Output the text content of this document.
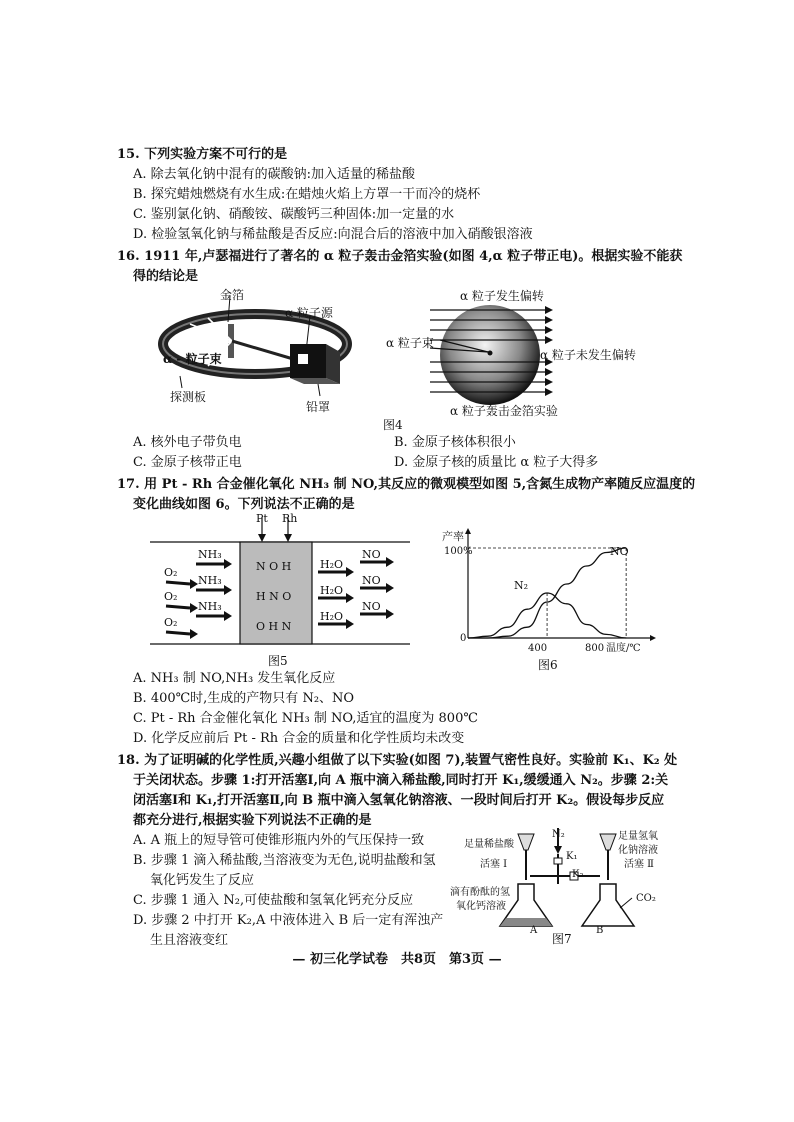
15. 下列实验方案不可行的是
A. 除去氧化钠中混有的碳酸钠:加入适量的稀盐酸
B. 探究蜡烛燃烧有水生成:在蜡烛火焰上方罩一干而冷的烧杯
C. 鉴别氯化钠、硝酸铵、碳酸钙三种固体:加一定量的水
D. 检验氢氧化钠与稀盐酸是否反应:向混合后的溶液中加入硝酸银溶液
16. 1911 年,卢瑟福进行了著名的 α 粒子轰击金箔实验(如图 4,α 粒子带正电)。根据实验不能获
得的结论是
金箔
α 粒子源
α - 粒子束
探测板
铅罩
α 粒子发生偏转
α 粒子束
α 粒子未发生偏转
α 粒子轰击金箔实验
图4
A. 核外电子带负电	B. 金原子核体积很小
C. 金原子核带正电	D. 金原子核的质量比 α 粒子大得多
17. 用 Pt - Rh 合金催化氧化 NH₃ 制 NO,其反应的微观模型如图 5,含氮生成物产率随反应温度的
变化曲线如图 6。下列说法不正确的是
Pt Rh
O₂
O₂
O₂
NH₃
NH₃
NH₃
N O H
H N O
O H N
H₂O
H₂O
H₂O
NO
NO
NO
图5
产率
100%
0
400	800 温度/℃
N₂
NO
图6
A. NH₃ 制 NO,NH₃ 发生氧化反应
B. 400℃时,生成的产物只有 N₂、NO
C. Pt - Rh 合金催化氧化 NH₃ 制 NO,适宜的温度为 800℃
D. 化学反应前后 Pt - Rh 合金的质量和化学性质均未改变
18. 为了证明碱的化学性质,兴趣小组做了以下实验(如图 7),装置气密性良好。实验前 K₁、K₂ 处
于关闭状态。步骤 1:打开活塞Ⅰ,向 A 瓶中滴入稀盐酸,同时打开 K₁,缓缓通入 N₂。步骤 2:关
闭活塞Ⅰ和 K₁,打开活塞Ⅱ,向 B 瓶中滴入氢氧化钠溶液、一段时间后打开 K₂。假设每步反应
都充分进行,根据实验下列说法不正确的是
A. A 瓶上的短导管可使锥形瓶内外的气压保持一致
B. 步骤 1 滴入稀盐酸,当溶液变为无色,说明盐酸和氢
氧化钙发生了反应
C. 步骤 1 通入 N₂,可使盐酸和氢氧化钙充分反应
D. 步骤 2 中打开 K₂,A 中液体进入 B 后一定有浑浊产
生且溶液变红
N₂
足量稀盐酸
足量氢氧
化钠溶液
K₁
K₂
活塞 Ⅰ	活塞 Ⅱ
滴有酚酞的氢
氧化钙溶液
CO₂
A	B
图7
— 初三化学试卷　共8页　第3页 —
